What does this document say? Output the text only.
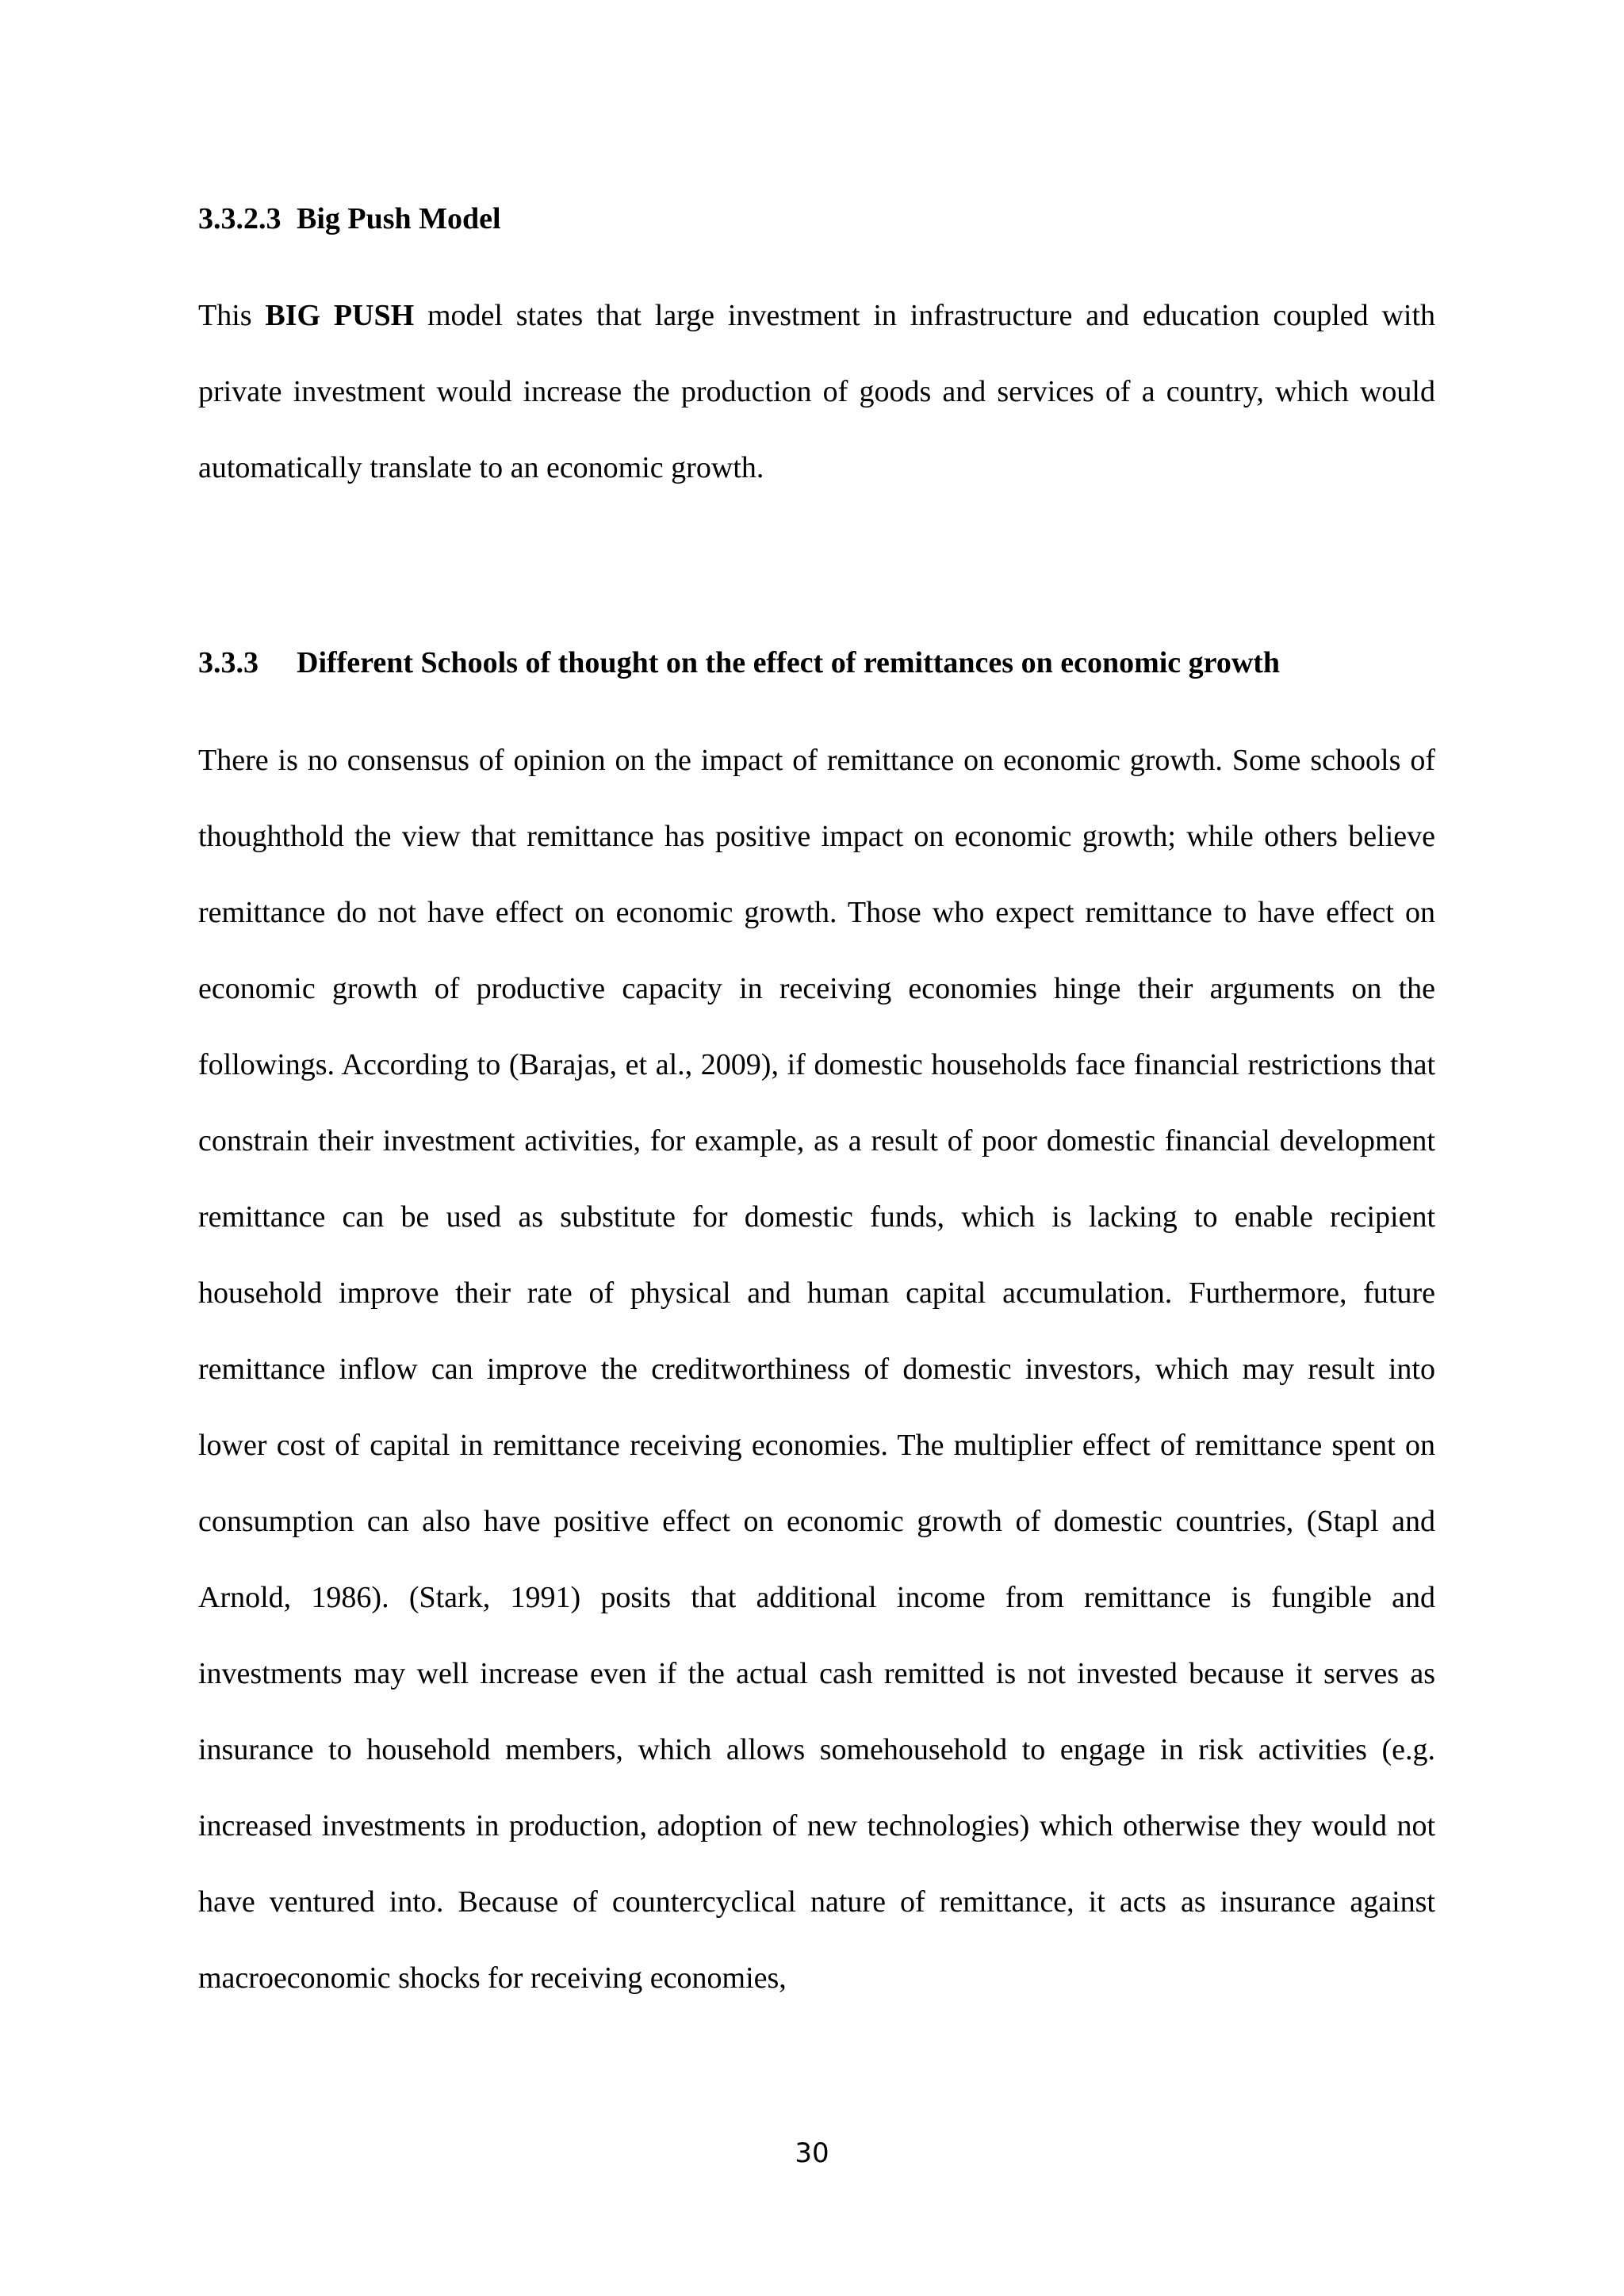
3.3.2.3 Big Push Model

This BIG PUSH model states that large investment in infrastructure and education coupled with private investment would increase the production of goods and services of a country, which would automatically translate to an economic growth.

3.3.3 Different Schools of thought on the effect of remittances on economic growth

There is no consensus of opinion on the impact of remittance on economic growth. Some schools of thoughthold the view that remittance has positive impact on economic growth; while others believe remittance do not have effect on economic growth. Those who expect remittance to have effect on economic growth of productive capacity in receiving economies hinge their arguments on the followings. According to (Barajas, et al., 2009), if domestic households face financial restrictions that constrain their investment activities, for example, as a result of poor domestic financial development remittance can be used as substitute for domestic funds, which is lacking to enable recipient household improve their rate of physical and human capital accumulation. Furthermore, future remittance inflow can improve the creditworthiness of domestic investors, which may result into lower cost of capital in remittance receiving economies. The multiplier effect of remittance spent on consumption can also have positive effect on economic growth of domestic countries, (Stapl and Arnold, 1986). (Stark, 1991) posits that additional income from remittance is fungible and investments may well increase even if the actual cash remitted is not invested because it serves as insurance to household members, which allows somehousehold to engage in risk activities (e.g. increased investments in production, adoption of new technologies) which otherwise they would not have ventured into. Because of countercyclical nature of remittance, it acts as insurance against macroeconomic shocks for receiving economies,

30
